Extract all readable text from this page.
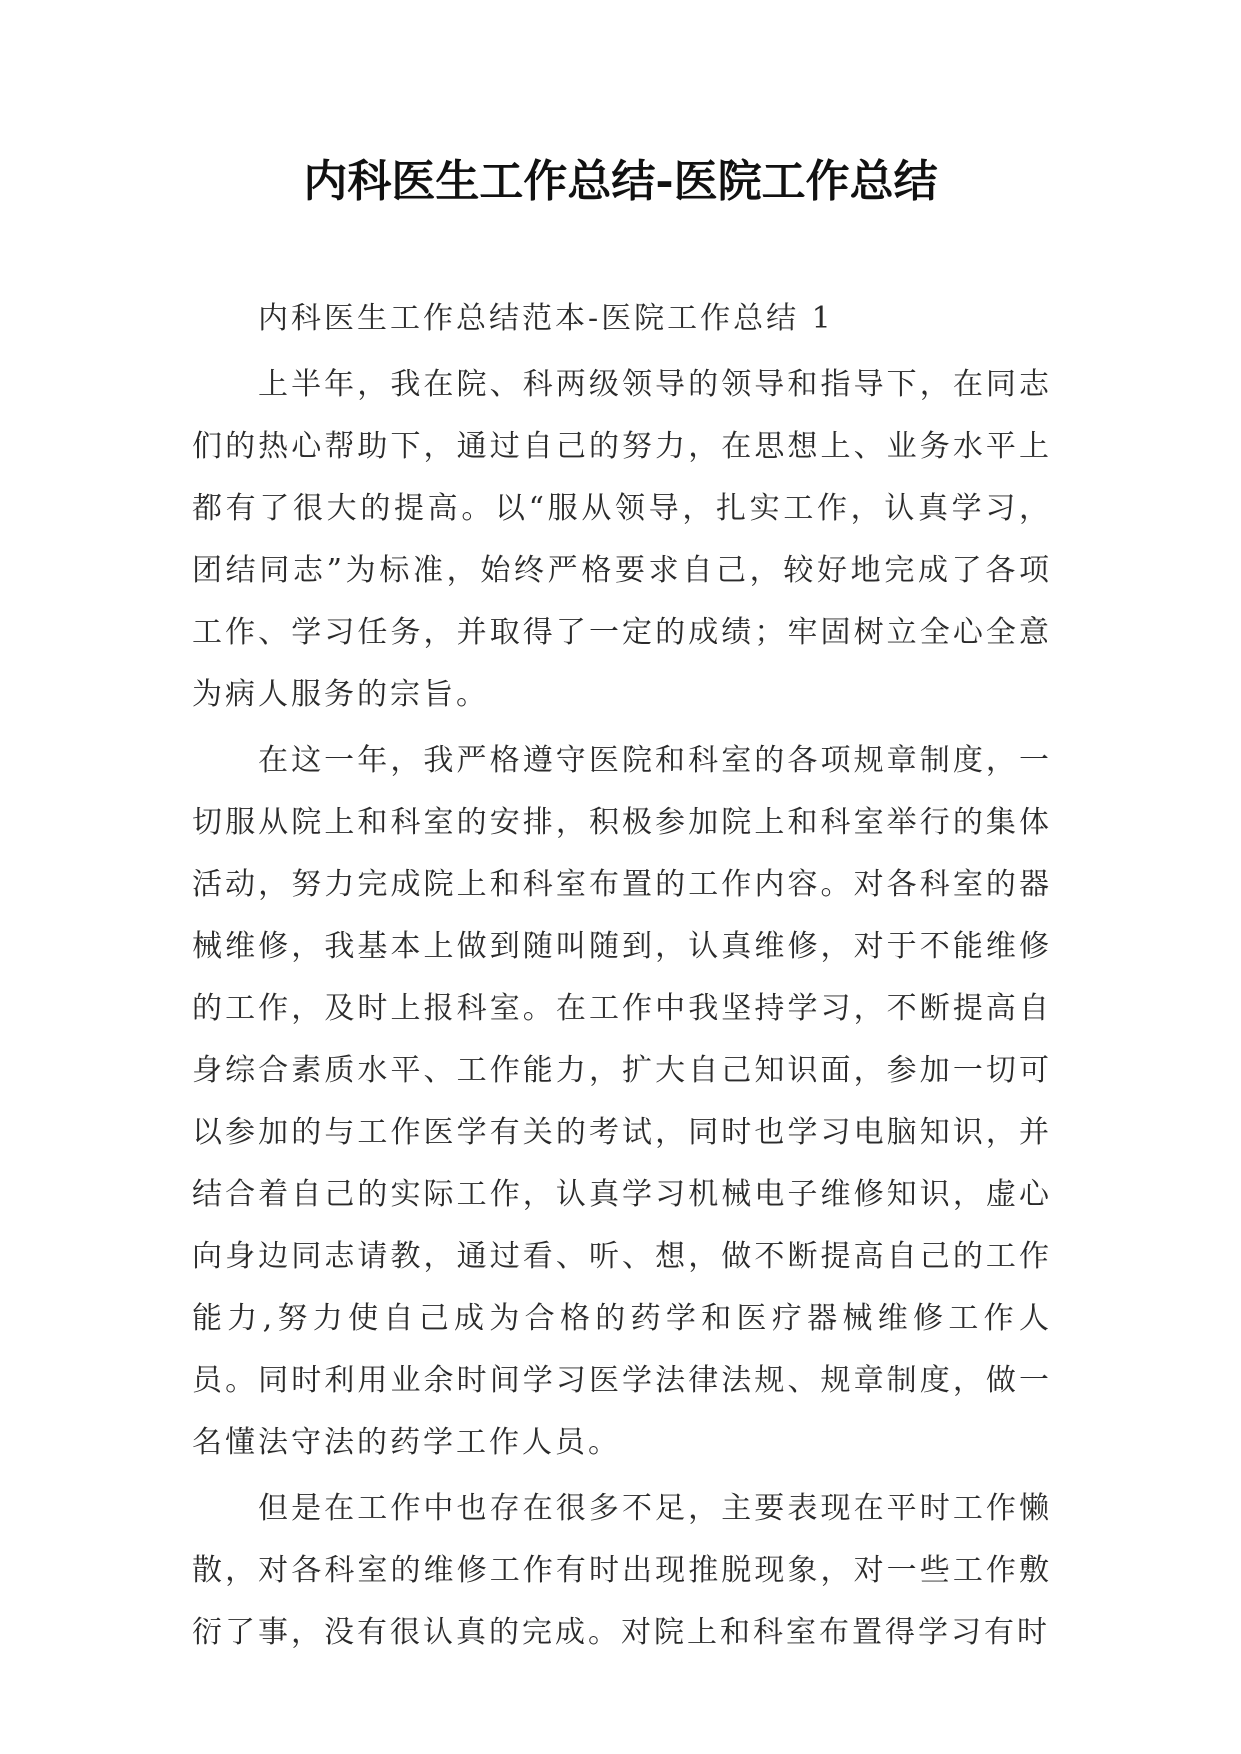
内科医生工作总结-医院工作总结

内科医生工作总结范本-医院工作总结 1

上半年，我在院、科两级领导的领导和指导下，在同志们的热心帮助下，通过自己的努力，在思想上、业务水平上都有了很大的提高。以“服从领导，扎实工作，认真学习，团结同志”为标准，始终严格要求自己，较好地完成了各项工作、学习任务，并取得了一定的成绩；牢固树立全心全意为病人服务的宗旨。

在这一年，我严格遵守医院和科室的各项规章制度，一切服从院上和科室的安排，积极参加院上和科室举行的集体活动，努力完成院上和科室布置的工作内容。对各科室的器械维修，我基本上做到随叫随到，认真维修，对于不能维修的工作，及时上报科室。在工作中我坚持学习，不断提高自身综合素质水平、工作能力，扩大自己知识面，参加一切可以参加的与工作医学有关的考试，同时也学习电脑知识，并结合着自己的实际工作，认真学习机械电子维修知识，虚心向身边同志请教，通过看、听、想，做不断提高自己的工作能力,努力使自己成为合格的药学和医疗器械维修工作人员。同时利用业余时间学习医学法律法规、规章制度，做一名懂法守法的药学工作人员。

但是在工作中也存在很多不足，主要表现在平时工作懒散，对各科室的维修工作有时出现推脱现象，对一些工作敷衍了事，没有很认真的完成。对院上和科室布置得学习有时
